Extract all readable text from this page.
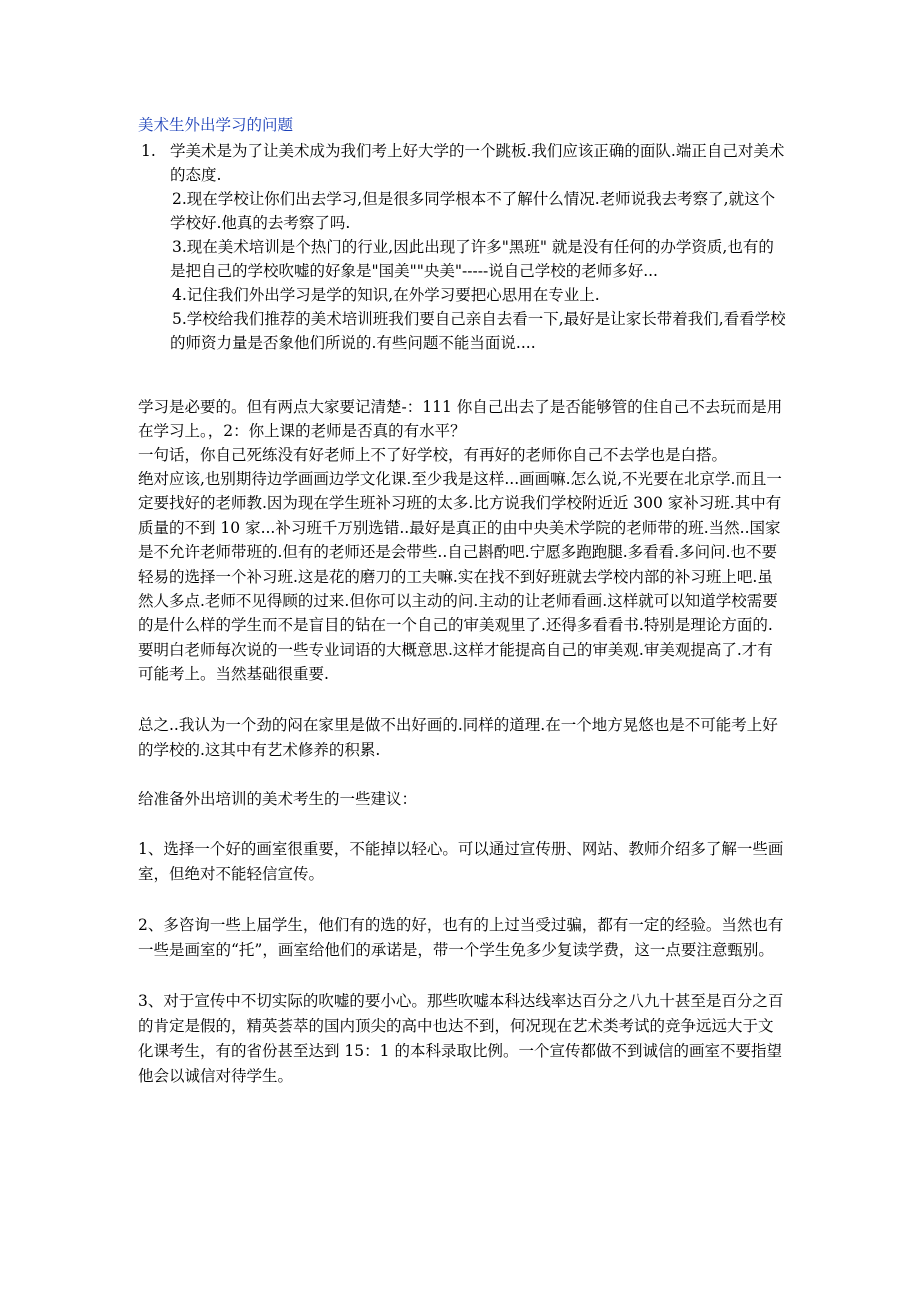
美术生外出学习的问题
1. 学美术是为了让美术成为我们考上好大学的一个跳板.我们应该正确的面队.端正自己对美术的态度.
2.现在学校让你们出去学习,但是很多同学根本不了解什么情况.老师说我去考察了,就这个学校好.他真的去考察了吗.
3.现在美术培训是个热门的行业,因此出现了许多"黑班" 就是没有任何的办学资质,也有的是把自己的学校吹嘘的好象是"国美""央美"-----说自己学校的老师多好...
4.记住我们外出学习是学的知识,在外学习要把心思用在专业上.
5.学校给我们推荐的美术培训班我们要自己亲自去看一下,最好是让家长带着我们,看看学校的师资力量是否象他们所说的.有些问题不能当面说....

学习是必要的。但有两点大家要记清楚-：111 你自己出去了是否能够管的住自己不去玩而是用在学习上。，2：你上课的老师是否真的有水平？

一句话，你自己死练没有好老师上不了好学校，有再好的老师你自己不去学也是白搭。

绝对应该,也别期待边学画画边学文化课.至少我是这样...画画嘛.怎么说,不光要在北京学.而且一定要找好的老师教.因为现在学生班补习班的太多.比方说我们学校附近近 300 家补习班.其中有质量的不到 10 家...补习班千万别选错..最好是真正的由中央美术学院的老师带的班.当然..国家是不允许老师带班的.但有的老师还是会带些..自己斟酌吧.宁愿多跑跑腿.多看看.多问问.也不要轻易的选择一个补习班.这是花的磨刀的工夫嘛.实在找不到好班就去学校内部的补习班上吧.虽然人多点.老师不见得顾的过来.但你可以主动的问.主动的让老师看画.这样就可以知道学校需要的是什么样的学生而不是盲目的钻在一个自己的审美观里了.还得多看看书.特别是理论方面的.要明白老师每次说的一些专业词语的大概意思.这样才能提高自己的审美观.审美观提高了.才有可能考上。当然基础很重要.

总之..我认为一个劲的闷在家里是做不出好画的.同样的道理.在一个地方晃悠也是不可能考上好的学校的.这其中有艺术修养的积累.

给准备外出培训的美术考生的一些建议：

1、选择一个好的画室很重要，不能掉以轻心。可以通过宣传册、网站、教师介绍多了解一些画室，但绝对不能轻信宣传。

2、多咨询一些上届学生，他们有的选的好，也有的上过当受过骗，都有一定的经验。当然也有一些是画室的“托”，画室给他们的承诺是，带一个学生免多少复读学费，这一点要注意甄别。

3、对于宣传中不切实际的吹嘘的要小心。那些吹嘘本科达线率达百分之八九十甚至是百分之百的肯定是假的，精英荟萃的国内顶尖的高中也达不到，何况现在艺术类考试的竞争远远大于文化课考生，有的省份甚至达到 15：1 的本科录取比例。一个宣传都做不到诚信的画室不要指望他会以诚信对待学生。
